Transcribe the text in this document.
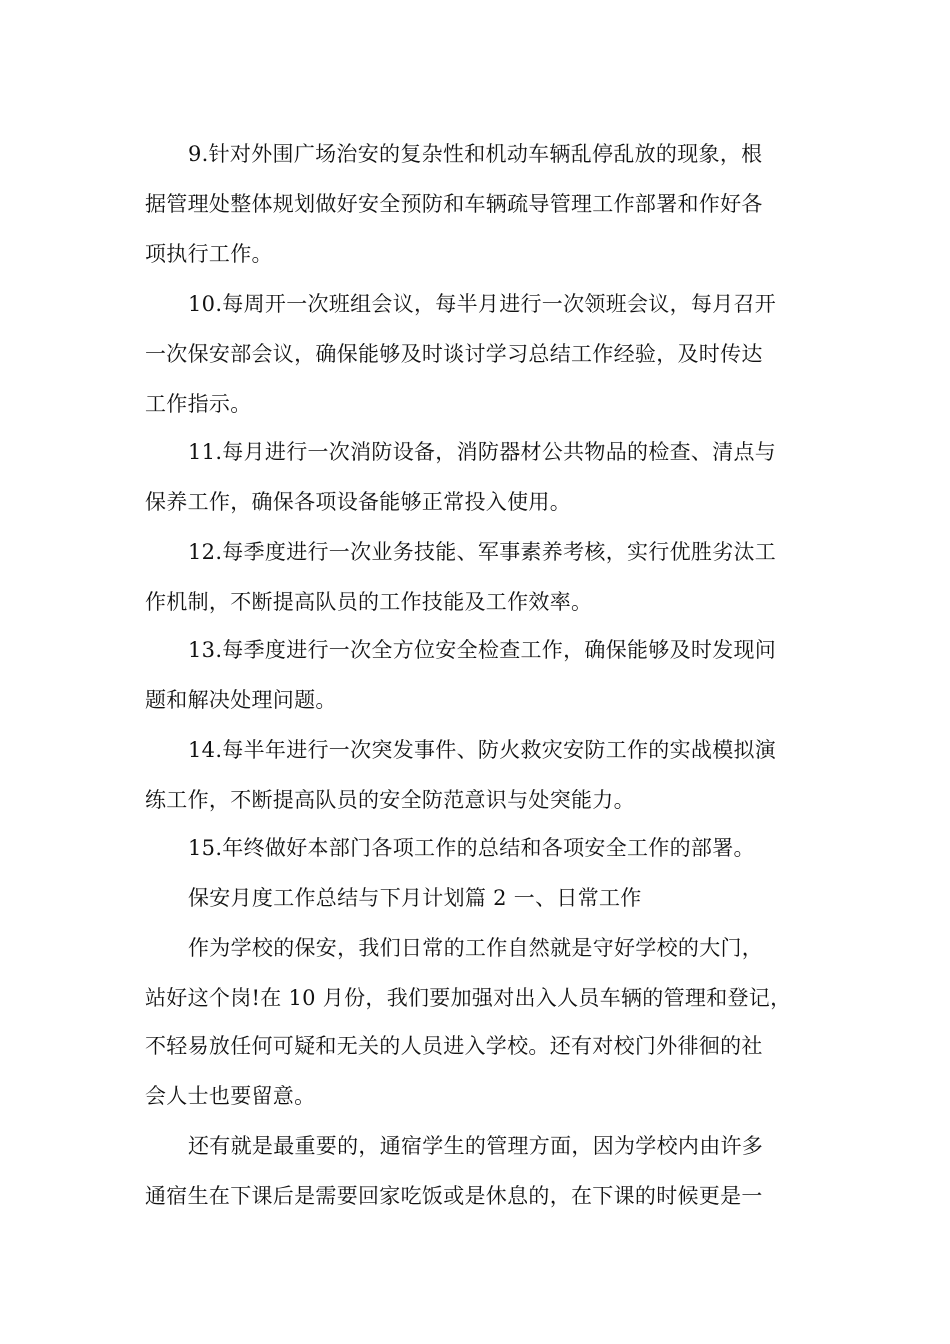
9.针对外围广场治安的复杂性和机动车辆乱停乱放的现象，根
据管理处整体规划做好安全预防和车辆疏导管理工作部署和作好各
项执行工作。
10.每周开一次班组会议，每半月进行一次领班会议，每月召开
一次保安部会议，确保能够及时谈讨学习总结工作经验，及时传达
工作指示。
11.每月进行一次消防设备，消防器材公共物品的检查、清点与
保养工作，确保各项设备能够正常投入使用。
12.每季度进行一次业务技能、军事素养考核，实行优胜劣汰工
作机制，不断提高队员的工作技能及工作效率。
13.每季度进行一次全方位安全检查工作，确保能够及时发现问
题和解决处理问题。
14.每半年进行一次突发事件、防火救灾安防工作的实战模拟演
练工作，不断提高队员的安全防范意识与处突能力。
15.年终做好本部门各项工作的总结和各项安全工作的部署。
保安月度工作总结与下月计划篇 2 一、日常工作
作为学校的保安，我们日常的工作自然就是守好学校的大门，
站好这个岗!在 10 月份，我们要加强对出入人员车辆的管理和登记，
不轻易放任何可疑和无关的人员进入学校。还有对校门外徘徊的社
会人士也要留意。
还有就是最重要的，通宿学生的管理方面，因为学校内由许多
通宿生在下课后是需要回家吃饭或是休息的，在下课的时候更是一
